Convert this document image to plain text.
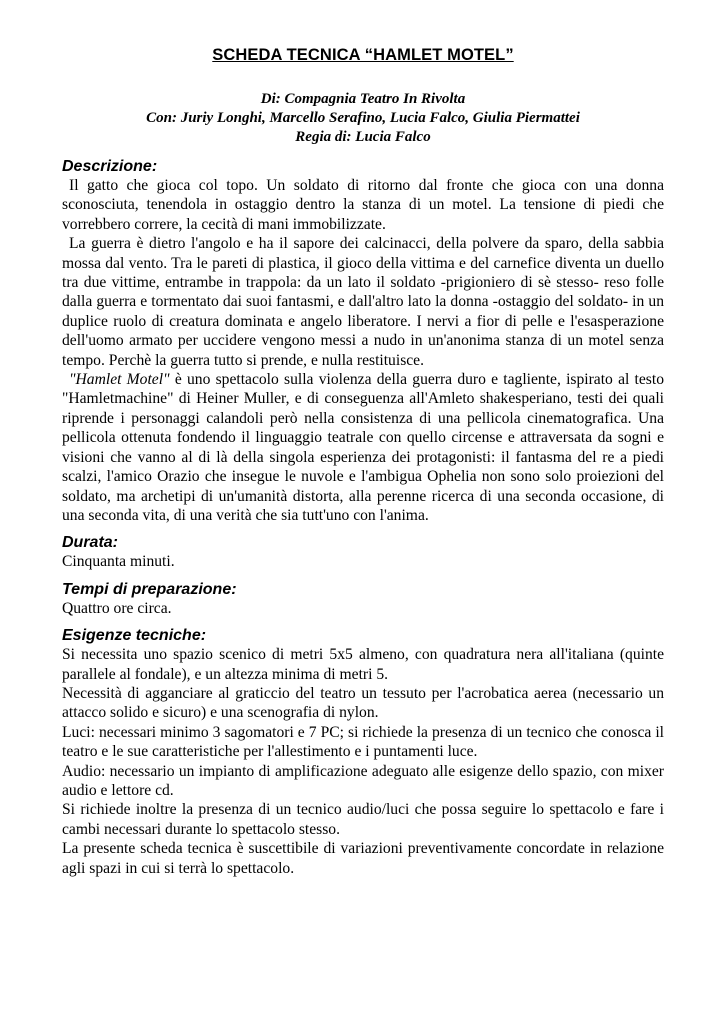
SCHEDA TECNICA “HAMLET MOTEL”
Di: Compagnia Teatro In Rivolta
Con: Juriy Longhi, Marcello Serafino, Lucia Falco, Giulia Piermattei
Regia di: Lucia Falco
Descrizione:

Il gatto che gioca col topo. Un soldato di ritorno dal fronte che gioca con una donna sconosciuta, tenendola in ostaggio dentro la stanza di un motel. La tensione di piedi che vorrebbero correre, la cecità di mani immobilizzate.

La guerra è dietro l'angolo e ha il sapore dei calcinacci, della polvere da sparo, della sabbia mossa dal vento. Tra le pareti di plastica, il gioco della vittima e del carnefice diventa un duello tra due vittime, entrambe in trappola: da un lato il soldato -prigioniero di sè stesso- reso folle dalla guerra e tormentato dai suoi fantasmi, e dall'altro lato la donna -ostaggio del soldato- in un duplice ruolo di creatura dominata e angelo liberatore. I nervi a fior di pelle e l'esasperazione dell'uomo armato per uccidere vengono messi a nudo in un'anonima stanza di un motel senza tempo. Perchè la guerra tutto si prende, e nulla restituisce.

"Hamlet Motel" è uno spettacolo sulla violenza della guerra duro e tagliente, ispirato al testo "Hamletmachine" di Heiner Muller, e di conseguenza all'Amleto shakesperiano, testi dei quali riprende i personaggi calandoli però nella consistenza di una pellicola cinematografica. Una pellicola ottenuta fondendo il linguaggio teatrale con quello circense e attraversata da sogni e visioni che vanno al di là della singola esperienza dei protagonisti: il fantasma del re a piedi scalzi, l'amico Orazio che insegue le nuvole e l'ambigua Ophelia non sono solo proiezioni del soldato, ma archetipi di un'umanità distorta, alla perenne ricerca di una seconda occasione, di una seconda vita, di una verità che sia tutt'uno con l'anima.

Durata:

Cinquanta minuti.

Tempi di preparazione:

Quattro ore circa.

Esigenze tecniche:

Si necessita uno spazio scenico di metri 5x5 almeno, con quadratura nera all'italiana (quinte parallele al fondale), e un altezza minima di metri 5.

Necessità di agganciare al graticcio del teatro un tessuto per l'acrobatica aerea (necessario un attacco solido e sicuro) e una scenografia di nylon.

Luci: necessari minimo 3 sagomatori e 7 PC; si richiede la presenza di un tecnico che conosca il teatro e le sue caratteristiche per l'allestimento e i puntamenti luce.

Audio: necessario un impianto di amplificazione adeguato alle esigenze dello spazio, con mixer audio e lettore cd.

Si richiede inoltre la presenza di un tecnico audio/luci che possa seguire lo spettacolo e fare i cambi necessari durante lo spettacolo stesso.

La presente scheda tecnica è suscettibile di variazioni preventivamente concordate in relazione agli spazi in cui si terrà lo spettacolo.
